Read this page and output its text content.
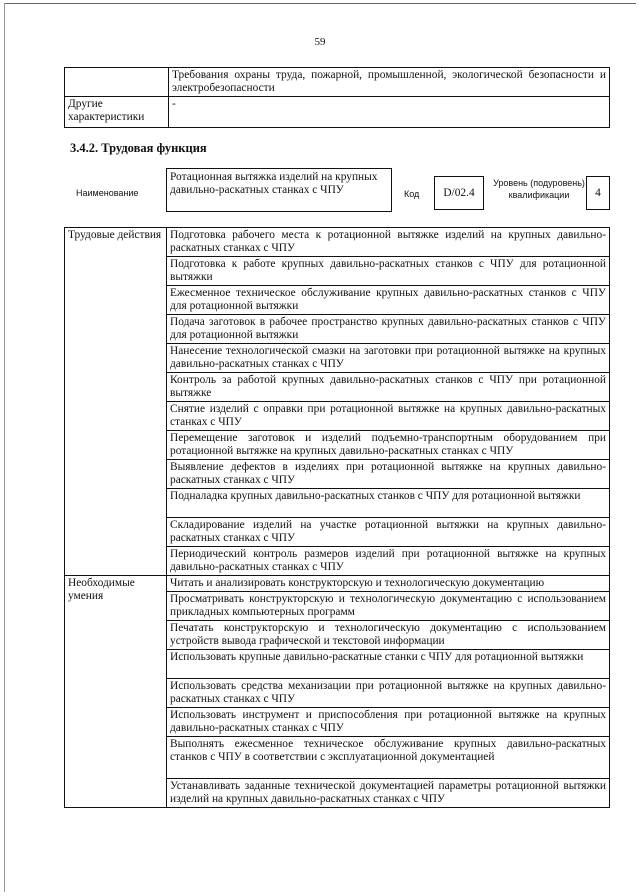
59
	Требования охраны труда, пожарной, промышленной, экологической безопасности и электробезопасности
Другие характеристики	-
3.4.2. Трудовая функция
Наименование
Ротационная вытяжка изделий на крупных давильно-раскатных станках с ЧПУ	Код	D/02.4
Уровень (подуровень) квалификации	4
Трудовые действия	Подготовка рабочего места к ротационной вытяжке изделий на крупных давильно-раскатных станках с ЧПУ
	Подготовка к работе крупных давильно-раскатных станков с ЧПУ для ротационной вытяжки
	Ежесменное техническое обслуживание крупных давильно-раскатных станков с ЧПУ для ротационной вытяжки
	Подача заготовок в рабочее пространство крупных давильно-раскатных станков с ЧПУ для ротационной вытяжки
	Нанесение технологической смазки на заготовки при ротационной вытяжке на крупных давильно-раскатных станках с ЧПУ
	Контроль за работой крупных давильно-раскатных станков с ЧПУ при ротационной вытяжке
	Снятие изделий с оправки при ротационной вытяжке на крупных давильно-раскатных станках с ЧПУ
	Перемещение заготовок и изделий подъемно-транспортным оборудованием при ротационной вытяжке на крупных давильно-раскатных станках с ЧПУ
	Выявление дефектов в изделиях при ротационной вытяжке на крупных давильно-раскатных станках с ЧПУ
	Подналадка крупных давильно-раскатных станков с ЧПУ для ротационной вытяжки
	Складирование изделий на участке ротационной вытяжки на крупных давильно-раскатных станках с ЧПУ
	Периодический контроль размеров изделий при ротационной вытяжке на крупных давильно-раскатных станках с ЧПУ
Необходимые умения	Читать и анализировать конструкторскую и технологическую документацию
	Просматривать конструкторскую и технологическую документацию с использованием прикладных компьютерных программ
	Печатать конструкторскую и технологическую документацию с использованием устройств вывода графической и текстовой информации
	Использовать крупные давильно-раскатные станки с ЧПУ для ротационной вытяжки
	Использовать средства механизации при ротационной вытяжке на крупных давильно-раскатных станках с ЧПУ
	Использовать инструмент и приспособления при ротационной вытяжке на крупных давильно-раскатных станках с ЧПУ
	Выполнять ежесменное техническое обслуживание крупных давильно-раскатных станков с ЧПУ в соответствии с эксплуатационной документацией
	Устанавливать заданные технической документацией параметры ротационной вытяжки изделий на крупных давильно-раскатных станках с ЧПУ
